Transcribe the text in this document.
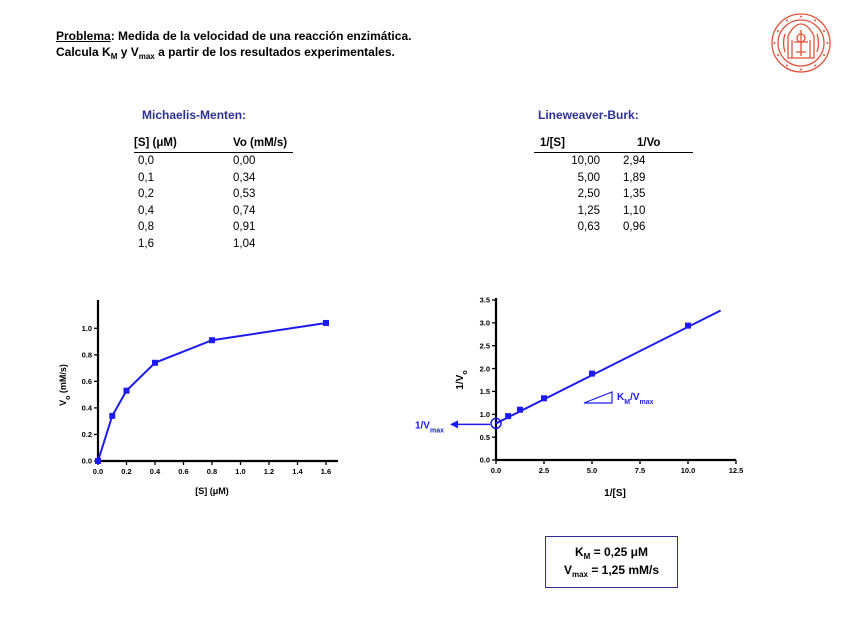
Problema: Medida de la velocidad de una reacción enzimática.
Calcula $K_M$ y $V_{max}$ a partir de los resultados experimentales.
Michaelis-Menten:
[S] (μM)	Vo (mM/s)
0,0	0,00
0,1	0,34
0,2	0,53
0,4	0,74
0,8	0,91
1,6	1,04
Lineweaver-Burk:
1/[S]	1/Vo
10,00	2,94
5,00	1,89
2,50	1,35
1,25	1,10
0,63	0,96
0.0 0.2 0.4 0.6 0.8 1.0 1.2 1.4 1.6
0.0
0.2
0.4
0.6
0.8
1.0
[S] (μM)
$V_o$ (mM/s)
0.0	2.5	5.0	7.5	10.0	12.5
0.0
0.5
1.0
1.5
2.0
2.5
3.0
3.5
$1/V_{max}$
$K_M/V_{max}$
1/[S]
$1/V_o$
$K_M = 0,25$ μM
$V_{max} = 1,25$ mM/s
